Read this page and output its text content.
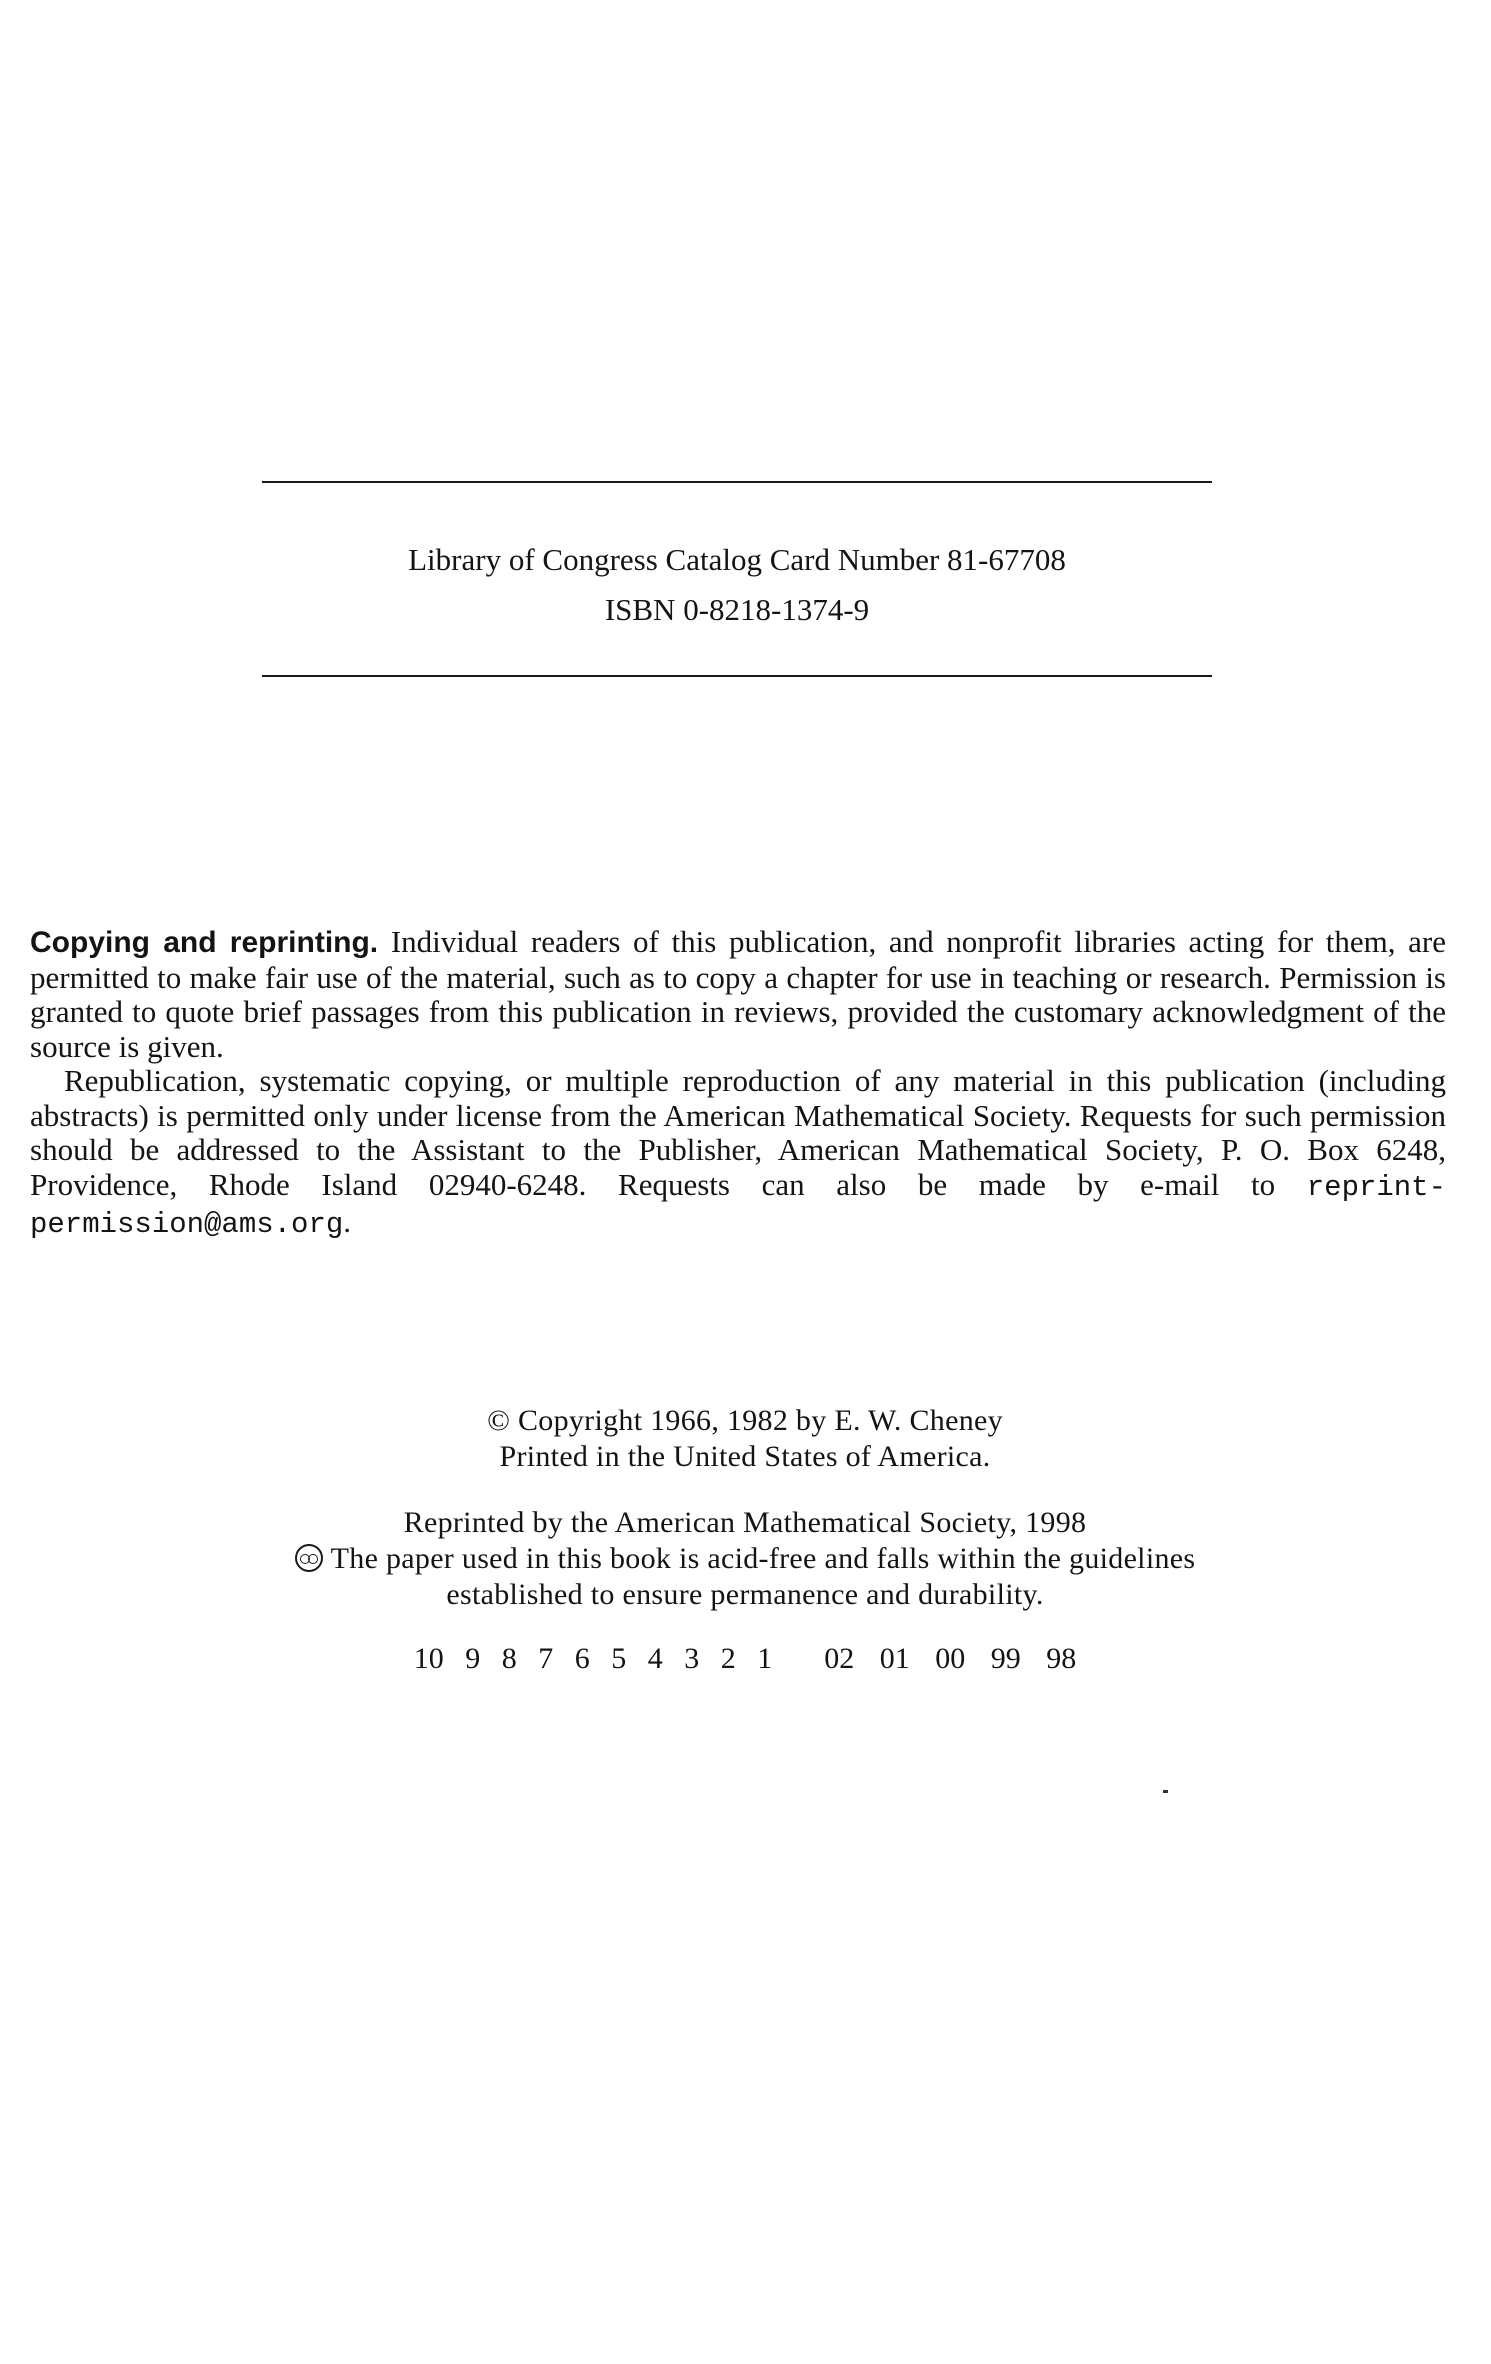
Library of Congress Catalog Card Number 81-67708
ISBN 0-8218-1374-9

Copying and reprinting. Individual readers of this publication, and nonprofit libraries acting for them, are permitted to make fair use of the material, such as to copy a chapter for use in teaching or research. Permission is granted to quote brief passages from this publication in reviews, provided the customary acknowledgment of the source is given.

Republication, systematic copying, or multiple reproduction of any material in this publication (including abstracts) is permitted only under license from the American Mathematical Society. Requests for such permission should be addressed to the Assistant to the Publisher, American Mathematical Society, P. O. Box 6248, Providence, Rhode Island 02940-6248. Requests can also be made by e-mail to reprint-permission@ams.org.

© Copyright 1966, 1982 by E. W. Cheney
Printed in the United States of America.
Reprinted by the American Mathematical Society, 1998
The paper used in this book is acid-free and falls within the guidelines
established to ensure permanence and durability.
10 9 8 7 6 5 4 3 2 1 02 01 00 99 98
